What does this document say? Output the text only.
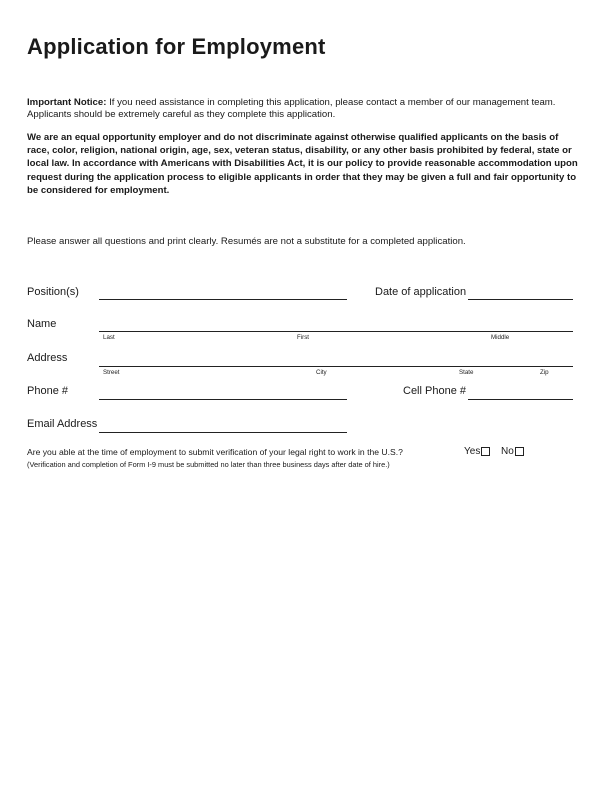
Application for Employment
Important Notice: If you need assistance in completing this application, please contact a member of our management team. Applicants should be extremely careful as they complete this application.
We are an equal opportunity employer and do not discriminate against otherwise qualified applicants on the basis of race, color, religion, national origin, age, sex, veteran status, disability, or any other basis prohibited by federal, state or local law. In accordance with Americans with Disabilities Act, it is our policy to provide reasonable accommodation upon request during the application process to eligible applicants in order that they may be given a full and fair opportunity to be considered for employment.
Please answer all questions and print clearly. Resumés are not a substitute for a completed application.
Position(s)	Date of application
Name
Last	First	Middle
Address
Street	City	State	Zip
Phone #	Cell Phone #
Email Address
Are you able at the time of employment to submit verification of your legal right to work in the U.S.?
(Verification and completion of Form I-9 must be submitted no later than three business days after date of hire.)
Yes No
